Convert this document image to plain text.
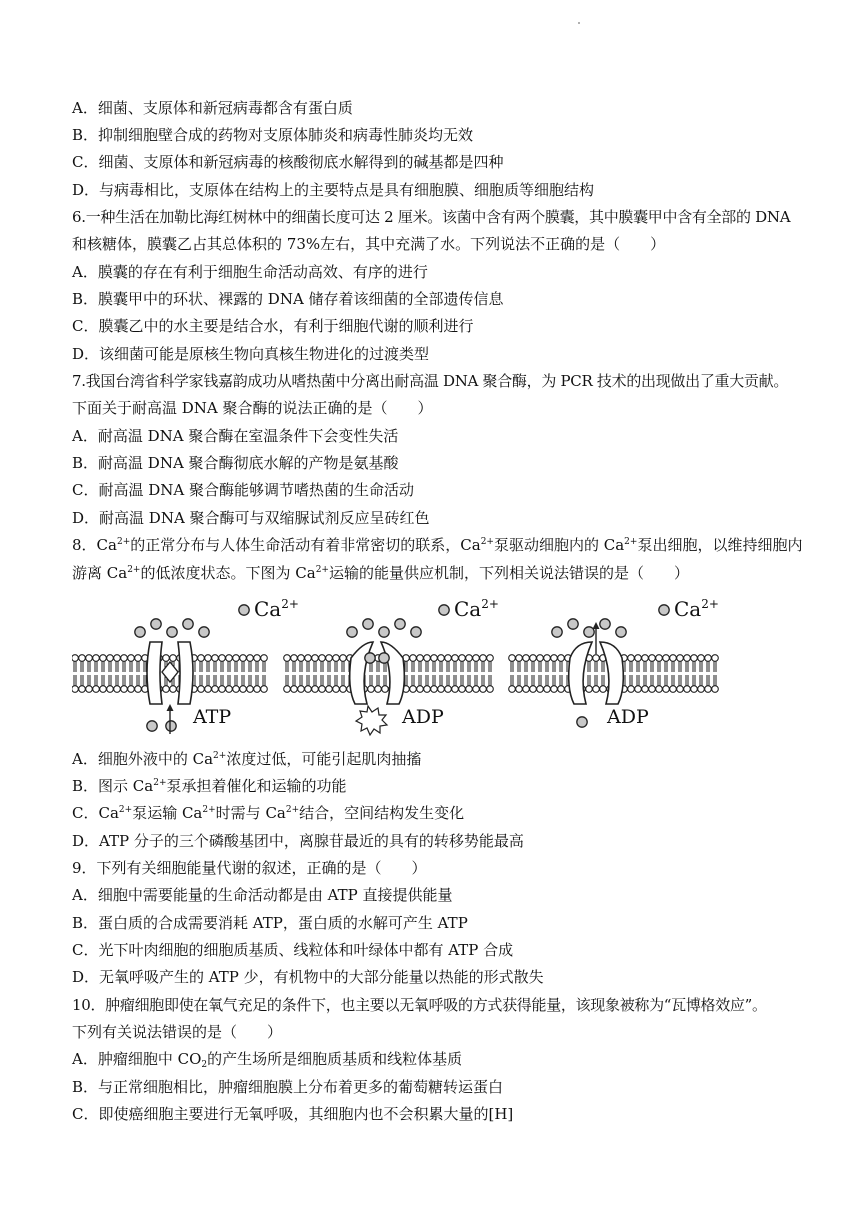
A．细菌、支原体和新冠病毒都含有蛋白质
B．抑制细胞壁合成的药物对支原体肺炎和病毒性肺炎均无效
C．细菌、支原体和新冠病毒的核酸彻底水解得到的碱基都是四种
D．与病毒相比，支原体在结构上的主要特点是具有细胞膜、细胞质等细胞结构
6.一种生活在加勒比海红树林中的细菌长度可达 2 厘米。该菌中含有两个膜囊，其中膜囊甲中含有全部的 DNA
和核糖体，膜囊乙占其总体积的 73%左右，其中充满了水。下列说法不正确的是（　　）
A．膜囊的存在有利于细胞生命活动高效、有序的进行
B．膜囊甲中的环状、裸露的 DNA 储存着该细菌的全部遗传信息
C．膜囊乙中的水主要是结合水，有利于细胞代谢的顺利进行
D．该细菌可能是原核生物向真核生物进化的过渡类型
7.我国台湾省科学家钱嘉韵成功从嗜热菌中分离出耐高温 DNA 聚合酶，为 PCR 技术的出现做出了重大贡献。
下面关于耐高温 DNA 聚合酶的说法正确的是（　　）
A．耐高温 DNA 聚合酶在室温条件下会变性失活
B．耐高温 DNA 聚合酶彻底水解的产物是氨基酸
C．耐高温 DNA 聚合酶能够调节嗜热菌的生命活动
D．耐高温 DNA 聚合酶可与双缩脲试剂反应呈砖红色
8．$Ca^{2+}$的正常分布与人体生命活动有着非常密切的联系，$Ca^{2+}$泵驱动细胞内的 $Ca^{2+}$泵出细胞，以维持细胞内
游离 $Ca^{2+}$的低浓度状态。下图为 $Ca^{2+}$运输的能量供应机制，下列相关说法错误的是（　　）
$Ca^{2+}$
ATP
$Ca^{2+}$
ADP
$Ca^{2+}$
ADP
A．细胞外液中的 $Ca^{2+}$浓度过低，可能引起肌肉抽搐
B．图示 $Ca^{2+}$泵承担着催化和运输的功能
C．$Ca^{2+}$泵运输 $Ca^{2+}$时需与 $Ca^{2+}$结合，空间结构发生变化
D．ATP 分子的三个磷酸基团中，离腺苷最近的具有的转移势能最高
9．下列有关细胞能量代谢的叙述，正确的是（　　）
A．细胞中需要能量的生命活动都是由 ATP 直接提供能量
B．蛋白质的合成需要消耗 ATP，蛋白质的水解可产生 ATP
C．光下叶肉细胞的细胞质基质、线粒体和叶绿体中都有 ATP 合成
D．无氧呼吸产生的 ATP 少，有机物中的大部分能量以热能的形式散失
10．肿瘤细胞即使在氧气充足的条件下，也主要以无氧呼吸的方式获得能量，该现象被称为“瓦博格效应”。
下列有关说法错误的是（　　）
A．肿瘤细胞中 $CO_2$的产生场所是细胞质基质和线粒体基质
B．与正常细胞相比，肿瘤细胞膜上分布着更多的葡萄糖转运蛋白
C．即使癌细胞主要进行无氧呼吸，其细胞内也不会积累大量的[H]
